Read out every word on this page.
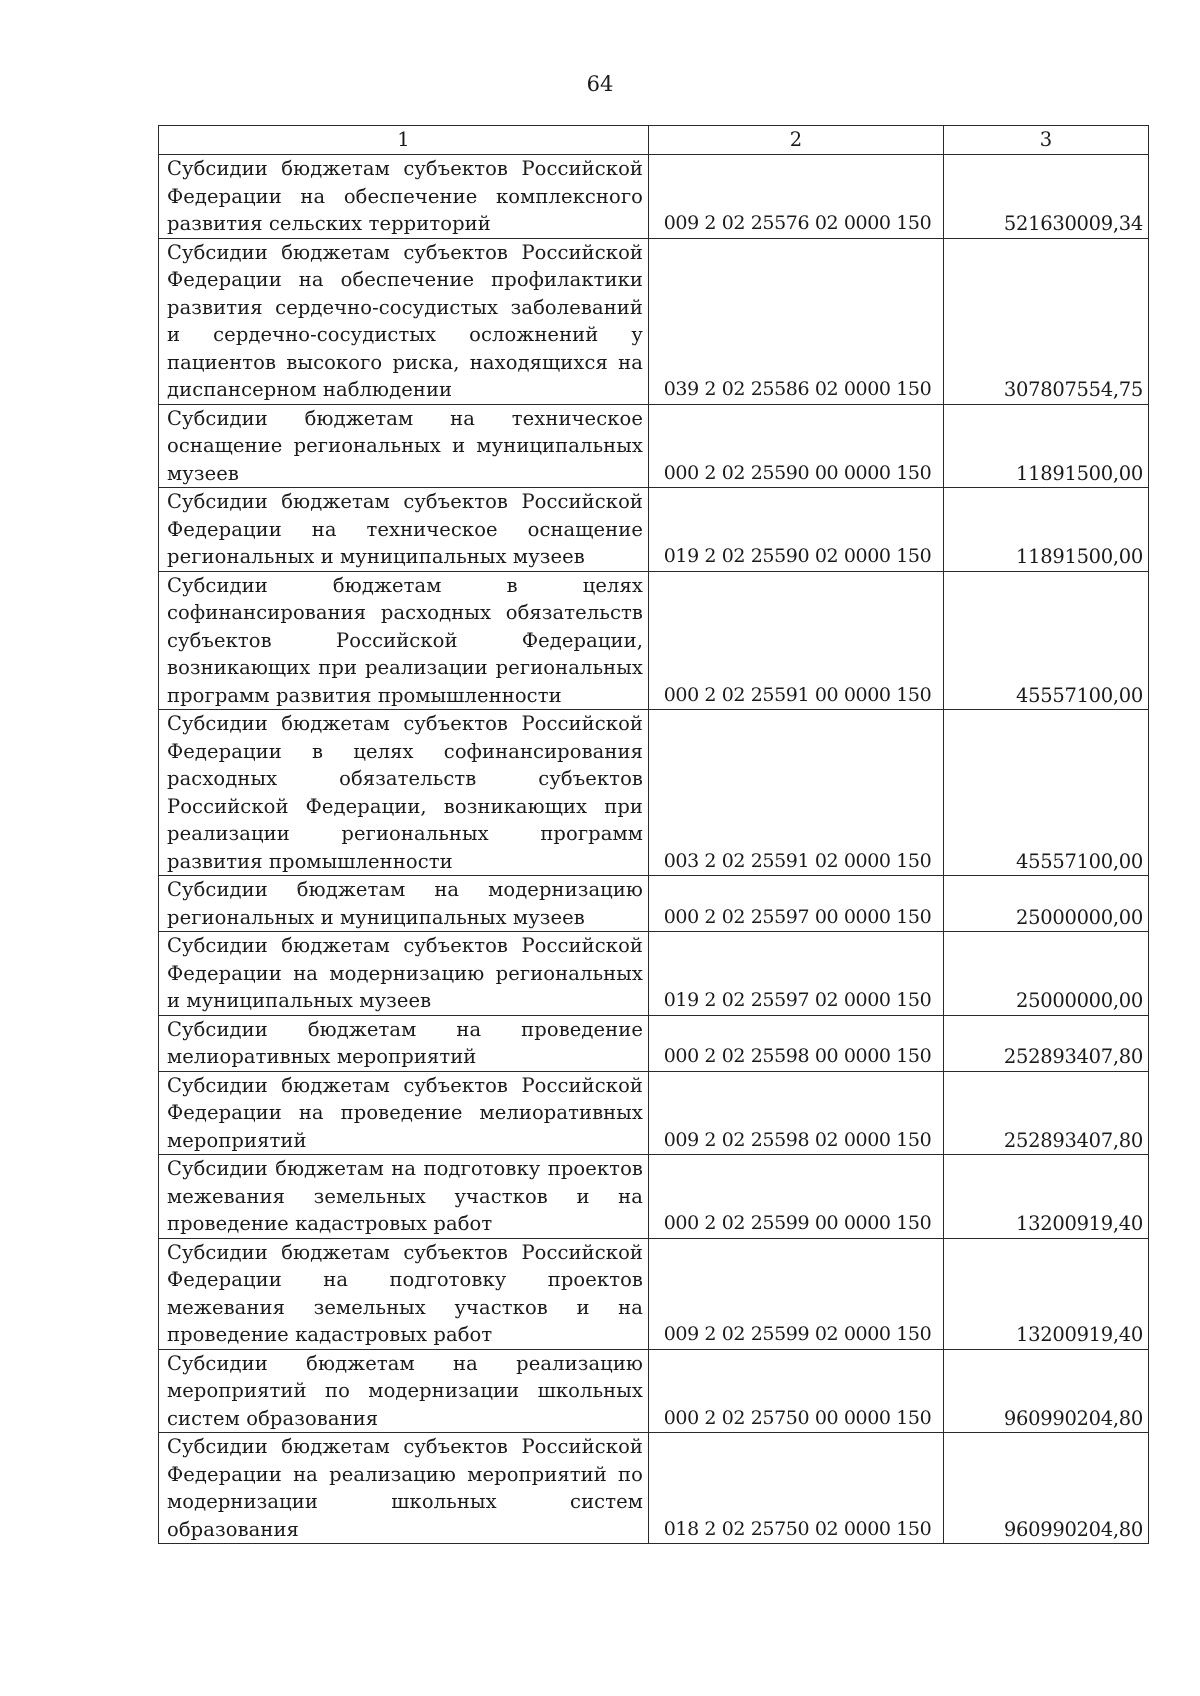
64
1	2	3
Субсидии бюджетам субъектов Российской Федерации на обеспечение комплексного развития сельских территорий	009 2 02 25576 02 0000 150	521630009,34
Субсидии бюджетам субъектов Российской Федерации на обеспечение профилактики развития сердечно-сосудистых заболеваний и сердечно-сосудистых осложнений у пациентов высокого риска, находящихся на диспансерном наблюдении	039 2 02 25586 02 0000 150	307807554,75
Субсидии бюджетам на техническое оснащение региональных и муниципальных музеев	000 2 02 25590 00 0000 150	11891500,00
Субсидии бюджетам субъектов Российской Федерации на техническое оснащение региональных и муниципальных музеев	019 2 02 25590 02 0000 150	11891500,00
Субсидии бюджетам в целях софинансирования расходных обязательств субъектов Российской Федерации, возникающих при реализации региональных программ развития промышленности	000 2 02 25591 00 0000 150	45557100,00
Субсидии бюджетам субъектов Российской Федерации в целях софинансирования расходных обязательств субъектов Российской Федерации, возникающих при реализации региональных программ развития промышленности	003 2 02 25591 02 0000 150	45557100,00
Субсидии бюджетам на модернизацию региональных и муниципальных музеев	000 2 02 25597 00 0000 150	25000000,00
Субсидии бюджетам субъектов Российской Федерации на модернизацию региональных и муниципальных музеев	019 2 02 25597 02 0000 150	25000000,00
Субсидии бюджетам на проведение мелиоративных мероприятий	000 2 02 25598 00 0000 150	252893407,80
Субсидии бюджетам субъектов Российской Федерации на проведение мелиоративных мероприятий	009 2 02 25598 02 0000 150	252893407,80
Субсидии бюджетам на подготовку проектов межевания земельных участков и на проведение кадастровых работ	000 2 02 25599 00 0000 150	13200919,40
Субсидии бюджетам субъектов Российской Федерации на подготовку проектов межевания земельных участков и на проведение кадастровых работ	009 2 02 25599 02 0000 150	13200919,40
Субсидии бюджетам на реализацию мероприятий по модернизации школьных систем образования	000 2 02 25750 00 0000 150	960990204,80
Субсидии бюджетам субъектов Российской Федерации на реализацию мероприятий по модернизации школьных систем образования	018 2 02 25750 02 0000 150	960990204,80
